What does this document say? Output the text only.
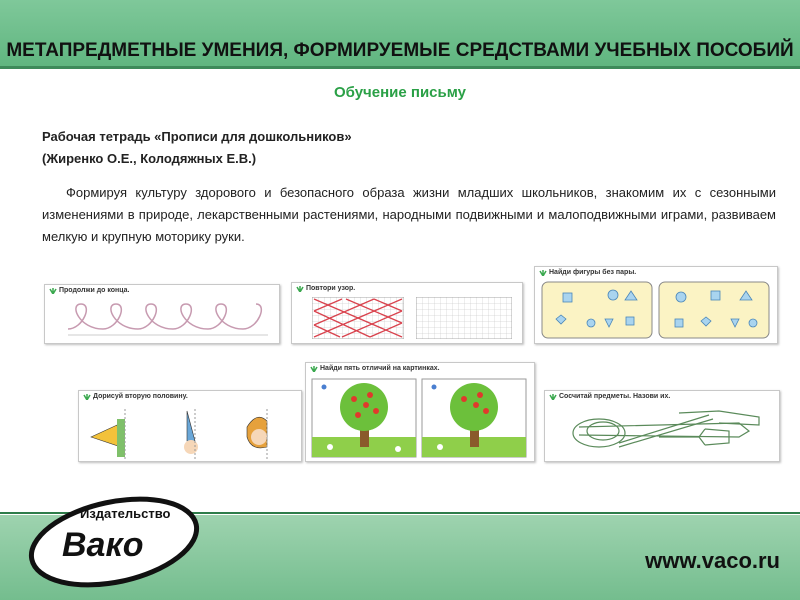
МЕТАПРЕДМЕТНЫЕ УМЕНИЯ, ФОРМИРУЕМЫЕ СРЕДСТВАМИ УЧЕБНЫХ ПОСОБИЙ
Обучение письму
Рабочая тетрадь «Прописи для дошкольников»
(Жиренко О.Е., Колодяжных Е.В.)
Формируя культуру здорового и безопасного образа жизни младших школьников, знакомим их с сезонными изменениями в природе, лекарственными растениями, народными подвижными и малоподвижными играми, развиваем мелкую и крупную моторику руки.
Продолжи до конца.	Повтори узор.
Найди фигуры без пары.
Дорисуй вторую половину.
Найди пять отличий на картинках.
Сосчитай предметы. Назови их.
Издательство
Вако	www.vaco.ru
